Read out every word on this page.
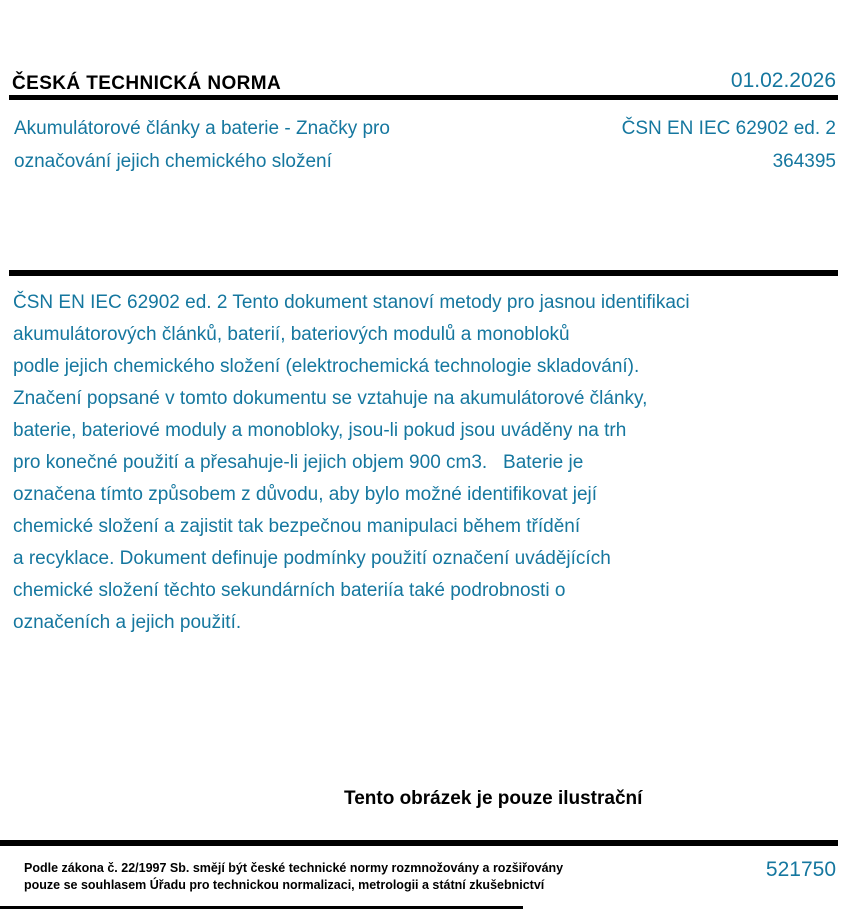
ČESKÁ TECHNICKÁ NORMA	01.02.2026
Akumulátorové články a baterie - Značky pro
označování jejich chemického složení
ČSN EN IEC 62902 ed. 2
364395
ČSN EN IEC 62902 ed. 2 Tento dokument stanoví metody pro jasnou identifikaci
akumulátorových článků, baterií, bateriových modulů a monobloků
podle jejich chemického složení (elektrochemická technologie skladování).
Značení popsané v tomto dokumentu se vztahuje na akumulátorové články,
baterie, bateriové moduly a monobloky, jsou-li pokud jsou uváděny na trh
pro konečné použití a přesahuje-li jejich objem 900 cm3.   Baterie je
označena tímto způsobem z důvodu, aby bylo možné identifikovat její
chemické složení a zajistit tak bezpečnou manipulaci během třídění
a recyklace. Dokument definuje podmínky použití označení uvádějících
chemické složení těchto sekundárních bateriía také podrobnosti o
označeních a jejich použití.
Tento obrázek je pouze ilustrační
Podle zákona č. 22/1997 Sb. smějí být české technické normy rozmnožovány a rozšiřovány
pouze se souhlasem Úřadu pro technickou normalizaci, metrologii a státní zkušebnictví
521750
